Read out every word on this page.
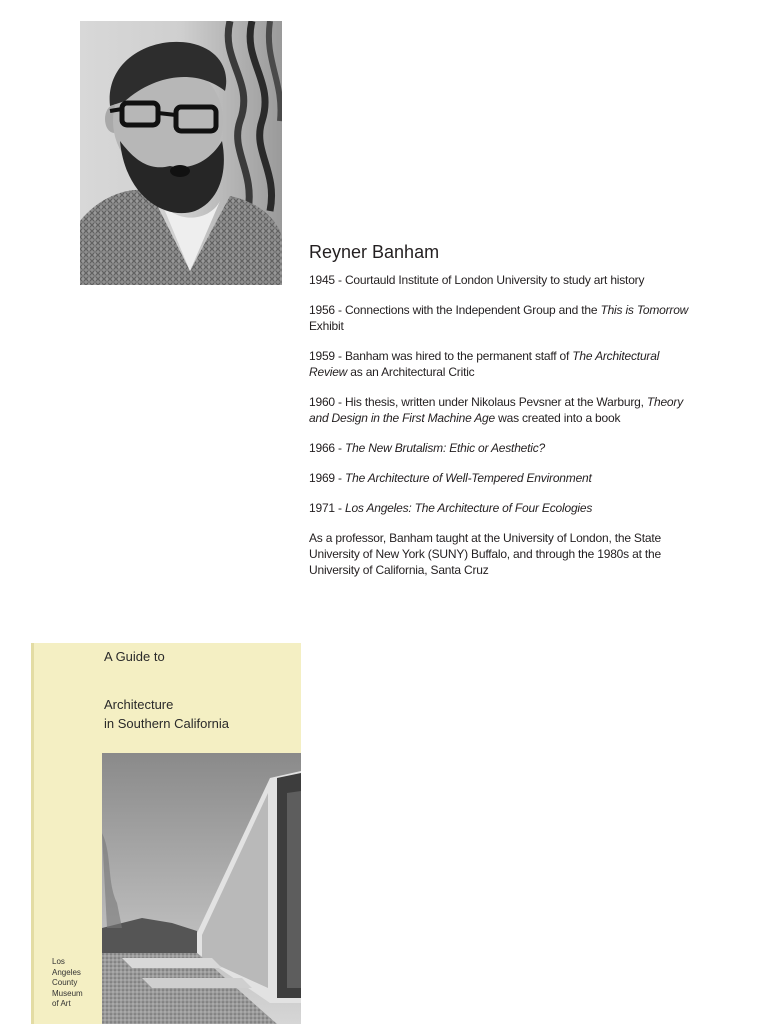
Reyner Banham

1945 - Courtauld Institute of London University to study art history

1956 - Connections with the Independent Group and the This is Tomorrow Exhibit

1959 - Banham was hired to the permanent staff of The Architectural Review as an Architectural Critic

1960 - His thesis, written under Nikolaus Pevsner at the Warburg, Theory and Design in the First Machine Age was created into a book

1966 - The New Brutalism: Ethic or Aesthetic?

1969 - The Architecture of Well-Tempered Environment

1971 - Los Angeles: The Architecture of Four Ecologies

As a professor, Banham taught at the University of London, the State University of New York (SUNY) Buffalo, and through the 1980s at the University of California, Santa Cruz

A Guide to
Architecture
in Southern California
Los
Angeles
County
Museum
of Art
